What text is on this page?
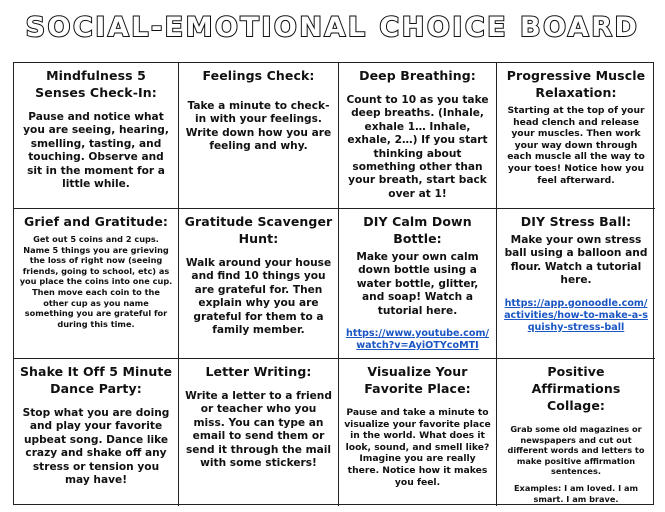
SOCIAL-EMOTIONAL CHOICE BOARD
Mindfulness 5 Senses Check-In:

Pause and notice what you are seeing, hearing, smelling, tasting, and touching. Observe and sit in the moment for a little while.

Feelings Check:

Take a minute to check-in with your feelings. Write down how you are feeling and why.

Deep Breathing:

Count to 10 as you take deep breaths. (Inhale, exhale 1… Inhale, exhale, 2…) If you start thinking about something other than your breath, start back over at 1!

Progressive Muscle Relaxation:

Starting at the top of your head clench and release your muscles. Then work your way down through each muscle all the way to your toes! Notice how you feel afterward.

Grief and Gratitude:

Get out 5 coins and 2 cups. Name 5 things you are grieving the loss of right now (seeing friends, going to school, etc) as you place the coins into one cup. Then move each coin to the other cup as you name something you are grateful for during this time.

Gratitude Scavenger Hunt:

Walk around your house and find 10 things you are grateful for. Then explain why you are grateful for them to a family member.

DIY Calm Down Bottle:

Make your own calm down bottle using a water bottle, glitter, and soap! Watch a tutorial here.

https://www.youtube.com/watch?v=AyiOTYcoMTI
DIY Stress Ball:

Make your own stress ball using a balloon and flour. Watch a tutorial here.

https://app.gonoodle.com/activities/how-to-make-a-squishy-stress-ball
Shake It Off 5 Minute Dance Party:

Stop what you are doing and play your favorite upbeat song. Dance like crazy and shake off any stress or tension you may have!

Letter Writing:

Write a letter to a friend or teacher who you miss. You can type an email to send them or send it through the mail with some stickers!

Visualize Your Favorite Place:

Pause and take a minute to visualize your favorite place in the world. What does it look, sound, and smell like? Imagine you are really there. Notice how it makes you feel.

Positive Affirmations Collage:

Grab some old magazines or newspapers and cut out different words and letters to make positive affirmation sentences.

Examples: I am loved. I am smart. I am brave.
